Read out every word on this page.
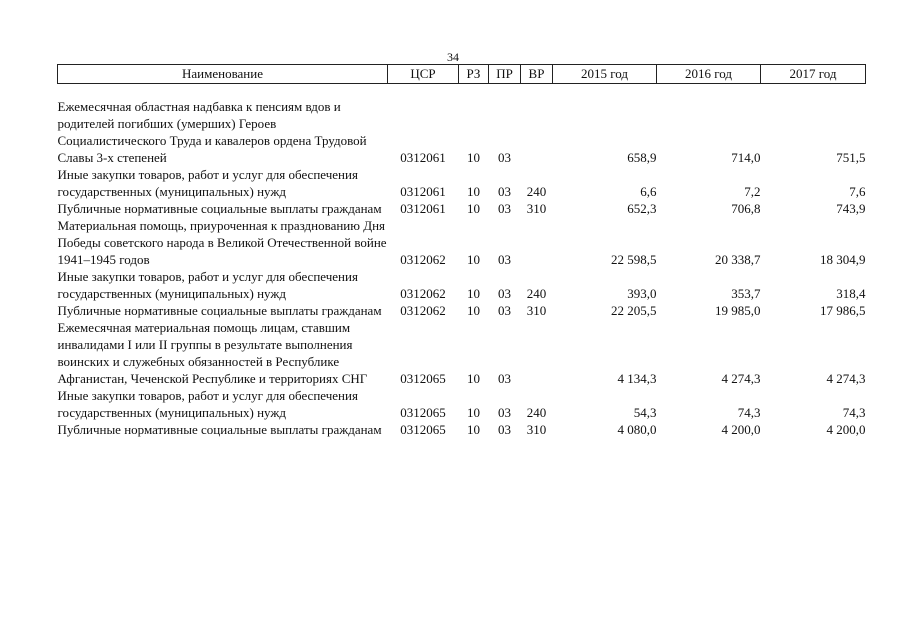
34
Наименование	ЦСР	РЗ	ПР	ВР	2015 год	2016 год	2017 год

Ежемесячная областная надбавка к пенсиям вдов и родителей погибших (умерших) Героев Социалистического Труда и кавалеров ордена Трудовой Славы 3-х степеней	0312061	10	03		658,9	714,0	751,5
Иные закупки товаров, работ и услуг для обеспечения государственных (муниципальных) нужд	0312061	10	03	240	6,6	7,2	7,6
Публичные нормативные социальные выплаты гражданам	0312061	10	03	310	652,3	706,8	743,9
Материальная помощь, приуроченная к празднованию Дня Победы советского народа в Великой Отечественной войне 1941–1945 годов	0312062	10	03		22 598,5	20 338,7	18 304,9
Иные закупки товаров, работ и услуг для обеспечения государственных (муниципальных) нужд	0312062	10	03	240	393,0	353,7	318,4
Публичные нормативные социальные выплаты гражданам	0312062	10	03	310	22 205,5	19 985,0	17 986,5
Ежемесячная материальная помощь лицам, ставшим инвалидами I или II группы в результате выполнения воинских и служебных обязанностей в Республике Афганистан, Чеченской Республике и территориях СНГ	0312065	10	03		4 134,3	4 274,3	4 274,3
Иные закупки товаров, работ и услуг для обеспечения государственных (муниципальных) нужд	0312065	10	03	240	54,3	74,3	74,3
Публичные нормативные социальные выплаты гражданам	0312065	10	03	310	4 080,0	4 200,0	4 200,0
